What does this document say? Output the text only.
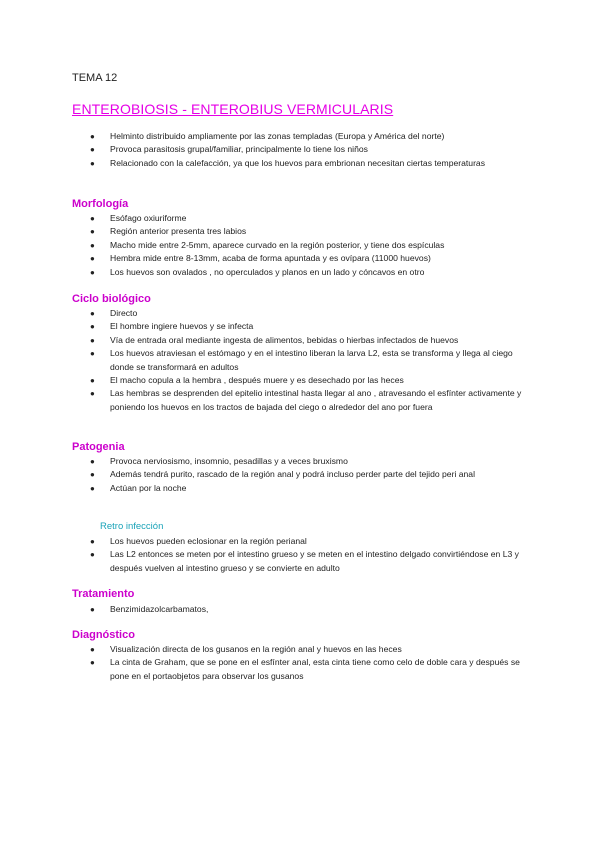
TEMA 12
ENTEROBIOSIS - ENTEROBIUS VERMICULARIS
● Helminto distribuido ampliamente por las zonas templadas (Europa y América del norte)
● Provoca parasitosis grupal/familiar, principalmente lo tiene los niños
● Relacionado con la calefacción, ya que los huevos para embrionan necesitan ciertas temperaturas
Morfología
● Esófago oxiuriforme
● Región anterior presenta tres labios
● Macho mide entre 2-5mm, aparece curvado en la región posterior, y tiene dos espículas
● Hembra mide entre 8-13mm, acaba de forma apuntada y es ovípara (11000 huevos)
● Los huevos son ovalados , no operculados y planos en un lado y cóncavos en otro
Ciclo biológico
● Directo
● El hombre ingiere huevos y se infecta
● Vía de entrada oral mediante ingesta de alimentos, bebidas o hierbas infectados de huevos
● Los huevos atraviesan el estómago y en el intestino liberan la larva L2, esta se transforma y llega al ciego donde se transformará en adultos
● El macho copula a la hembra , después muere y es desechado por las heces
● Las hembras se desprenden del epitelio intestinal hasta llegar al ano , atravesando el esfínter activamente y poniendo los huevos en los tractos de bajada del ciego o alrededor del ano por fuera
Patogenia
● Provoca nerviosismo, insomnio, pesadillas y a veces bruxismo
● Además tendrá purito, rascado de la región anal y podrá incluso perder parte del tejido peri anal
● Actúan por la noche
Retro infección
● Los huevos pueden eclosionar en la región perianal
● Las L2 entonces se meten por el intestino grueso y se meten en el intestino delgado convirtiéndose en L3 y después vuelven al intestino grueso y se convierte en adulto
Tratamiento
● Benzimidazolcarbamatos,
Diagnóstico
● Visualización directa de los gusanos en la región anal y huevos en las heces
● La cinta de Graham, que se pone en el esfínter anal, esta cinta tiene como celo de doble cara y después se pone en el portaobjetos para observar los gusanos
